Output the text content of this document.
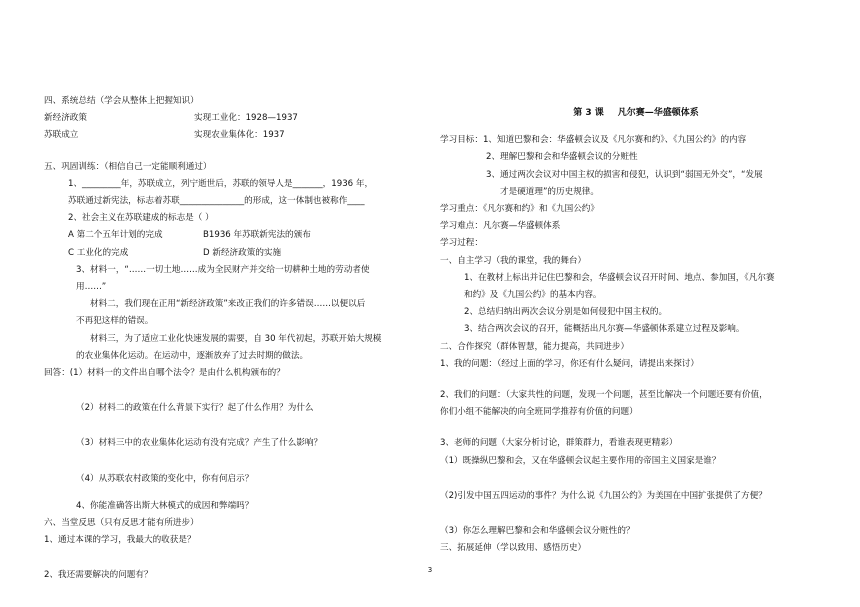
四、系统总结（学会从整体上把握知识）
新经济政策	实现工业化：1928—1937
苏联成立	实现农业集体化：1937
五、巩固训练：（相信自己一定能顺利通过）
1、_________年，苏联成立，列宁逝世后，苏联的领导人是_______，1936 年，
苏联通过新宪法，标志着苏联_______________的形成，这一体制也被称作____
2、社会主义在苏联建成的标志是（ ）
A 第二个五年计划的完成	B1936 年苏联新宪法的颁布
C 工业化的完成	D 新经济政策的实施
3、材料一，“……一切土地……成为全民财产并交给一切耕种土地的劳动者使
用……”
材料二，我们现在正用“新经济政策”来改正我们的许多错误……以便以后
不再犯这样的错误。
材料三，为了适应工业化快速发展的需要，自 30 年代初起，苏联开始大规模
的农业集体化运动。在运动中，逐渐放弃了过去时期的做法。
回答：(1）材料一的文件出自哪个法令？是由什么机构颁布的？
（2）材料二的政策在什么背景下实行？起了什么作用？为什么
（3）材料三中的农业集体化运动有没有完成？产生了什么影响？
（4）从苏联农村政策的变化中，你有何启示？
4、你能准确答出斯大林模式的成因和弊端吗？
六、当堂反思（只有反思才能有所进步）
1、通过本课的学习，我最大的收获是？
2、我还需要解决的问题有？
第 3 课 凡尔赛—华盛顿体系
学习目标：1、知道巴黎和会：华盛顿会议及《凡尔赛和约》、《九国公约》的内容
2、理解巴黎和会和华盛顿会议的分赃性
3、通过两次会议对中国主权的损害和侵犯，认识到“弱国无外交”，“发展
才是硬道理”的历史规律。
学习重点：《凡尔赛和约》和《九国公约》
学习难点：凡尔赛—华盛顿体系
学习过程：
一、自主学习（我的课堂，我的舞台）
1、在教材上标出并记住巴黎和会，华盛顿会议召开时间、地点、参加国，《凡尔赛
和约》及《九国公约》的基本内容。
2、总结归纳出两次会议分别是如何侵犯中国主权的。
3、结合两次会议的召开，能概括出凡尔赛—华盛顿体系建立过程及影响。
二、合作探究（群体智慧，能力提高，共同进步）
1、我的问题：（经过上面的学习，你还有什么疑问，请提出来探讨）
2、我们的问题：（大家共性的问题，发现一个问题，甚至比解决一个问题还要有价值，
你们小组不能解决的向全班同学推荐有价值的问题）
3、老师的问题（大家分析讨论，群策群力，看谁表现更精彩）
（1）既操纵巴黎和会，又在华盛顿会议起主要作用的帝国主义国家是谁？
（2)引发中国五四运动的事件？为什么说《九国公约》为美国在中国扩张提供了方便？
（3）你怎么理解巴黎和会和华盛顿会议分赃性的？
三、拓展延伸（学以致用、感悟历史）
3
